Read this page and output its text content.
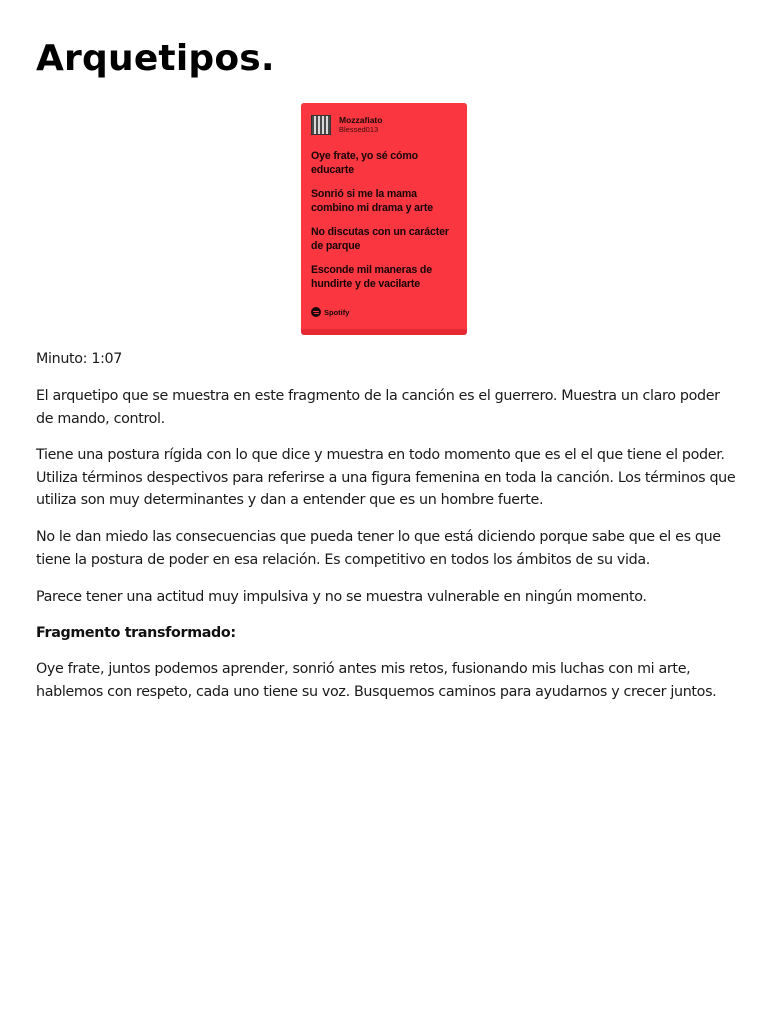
Arquetipos.
Mozzafiato
Blessed013

Oye frate, yo sé cómo educarte

Sonrió si me la mama combino mi drama y arte

No discutas con un carácter de parque

Esconde mil maneras de hundirte y de vacilarte

Spotify

Minuto: 1:07

El arquetipo que se muestra en este fragmento de la canción es el guerrero. Muestra un claro poder de mando, control.

Tiene una postura rígida con lo que dice y muestra en todo momento que es el el que tiene el poder. Utiliza términos despectivos para referirse a una figura femenina en toda la canción. Los términos que utiliza son muy determinantes y dan a entender que es un hombre fuerte.

No le dan miedo las consecuencias que pueda tener lo que está diciendo porque sabe que el es que tiene la postura de poder en esa relación. Es competitivo en todos los ámbitos de su vida.

Parece tener una actitud muy impulsiva y no se muestra vulnerable en ningún momento.

Fragmento transformado:

Oye frate, juntos podemos aprender, sonrió antes mis retos, fusionando mis luchas con mi arte, hablemos con respeto, cada uno tiene su voz. Busquemos caminos para ayudarnos y crecer juntos.
